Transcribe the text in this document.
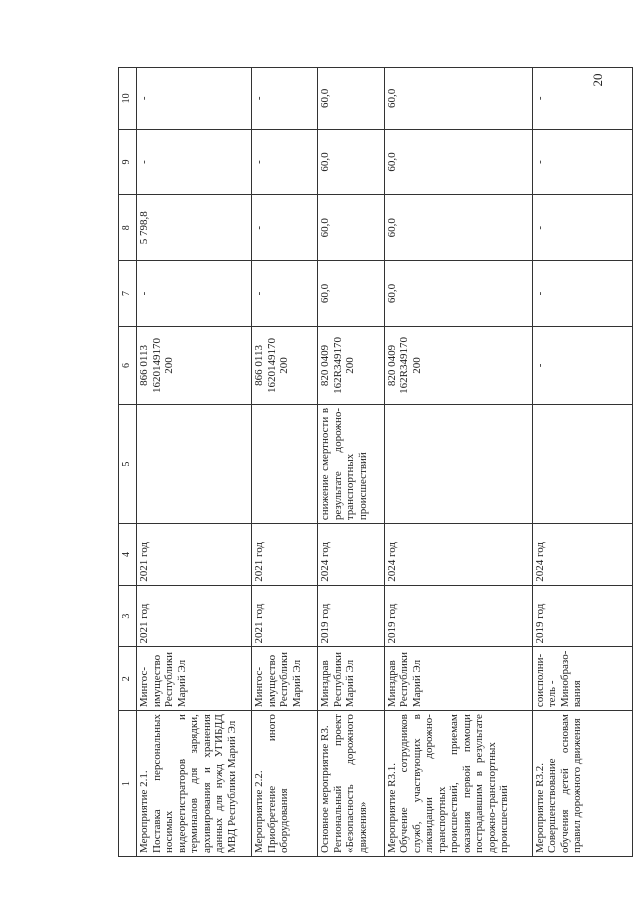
20
1	2	3	4	5	6	7	8	9	10
Мероприятие 2.1.
Поставка персональных носимых видеорегистраторов и терминалов для зарядки, архивирования и хранения данных для нужд УГИБДД МВД Республики Марий Эл	Мингос-
имущество
Республики
Марий Эл	2021 год	2021 год		866 0113
1620149170
200	-	5 798,8	-	-
Мероприятие 2.2.
Приобретение иного оборудования	Мингос-
имущество
Республики
Марий Эл	2021 год	2021 год		866 0113
1620149170
200	-	-	-	-
Основное мероприятие R3.
Региональный проект «Безопасность дорожного движения»	Минздрав
Республики
Марий Эл	2019 год	2024 год	снижение смертности в результате дорожно-транспортных происшествий	820 0409
162R349170
200	60,0	60,0	60,0	60,0
Мероприятие R3.1.
Обучение сотрудников служб, участвующих в ликвидации дорожно-транспортных происшествий, приемам оказания первой помощи пострадавшим в результате дорожно-транспортных происшествий	Минздрав
Республики
Марий Эл	2019 год	2024 год		820 0409
162R349170
200	60,0	60,0	60,0	60,0
Мероприятие R3.2.
Совершенствование обучения детей основам правил дорожного движения	соисполни-
тель -
Минобразо-
вания	2019 год	2024 год		-	-	-	-	-
